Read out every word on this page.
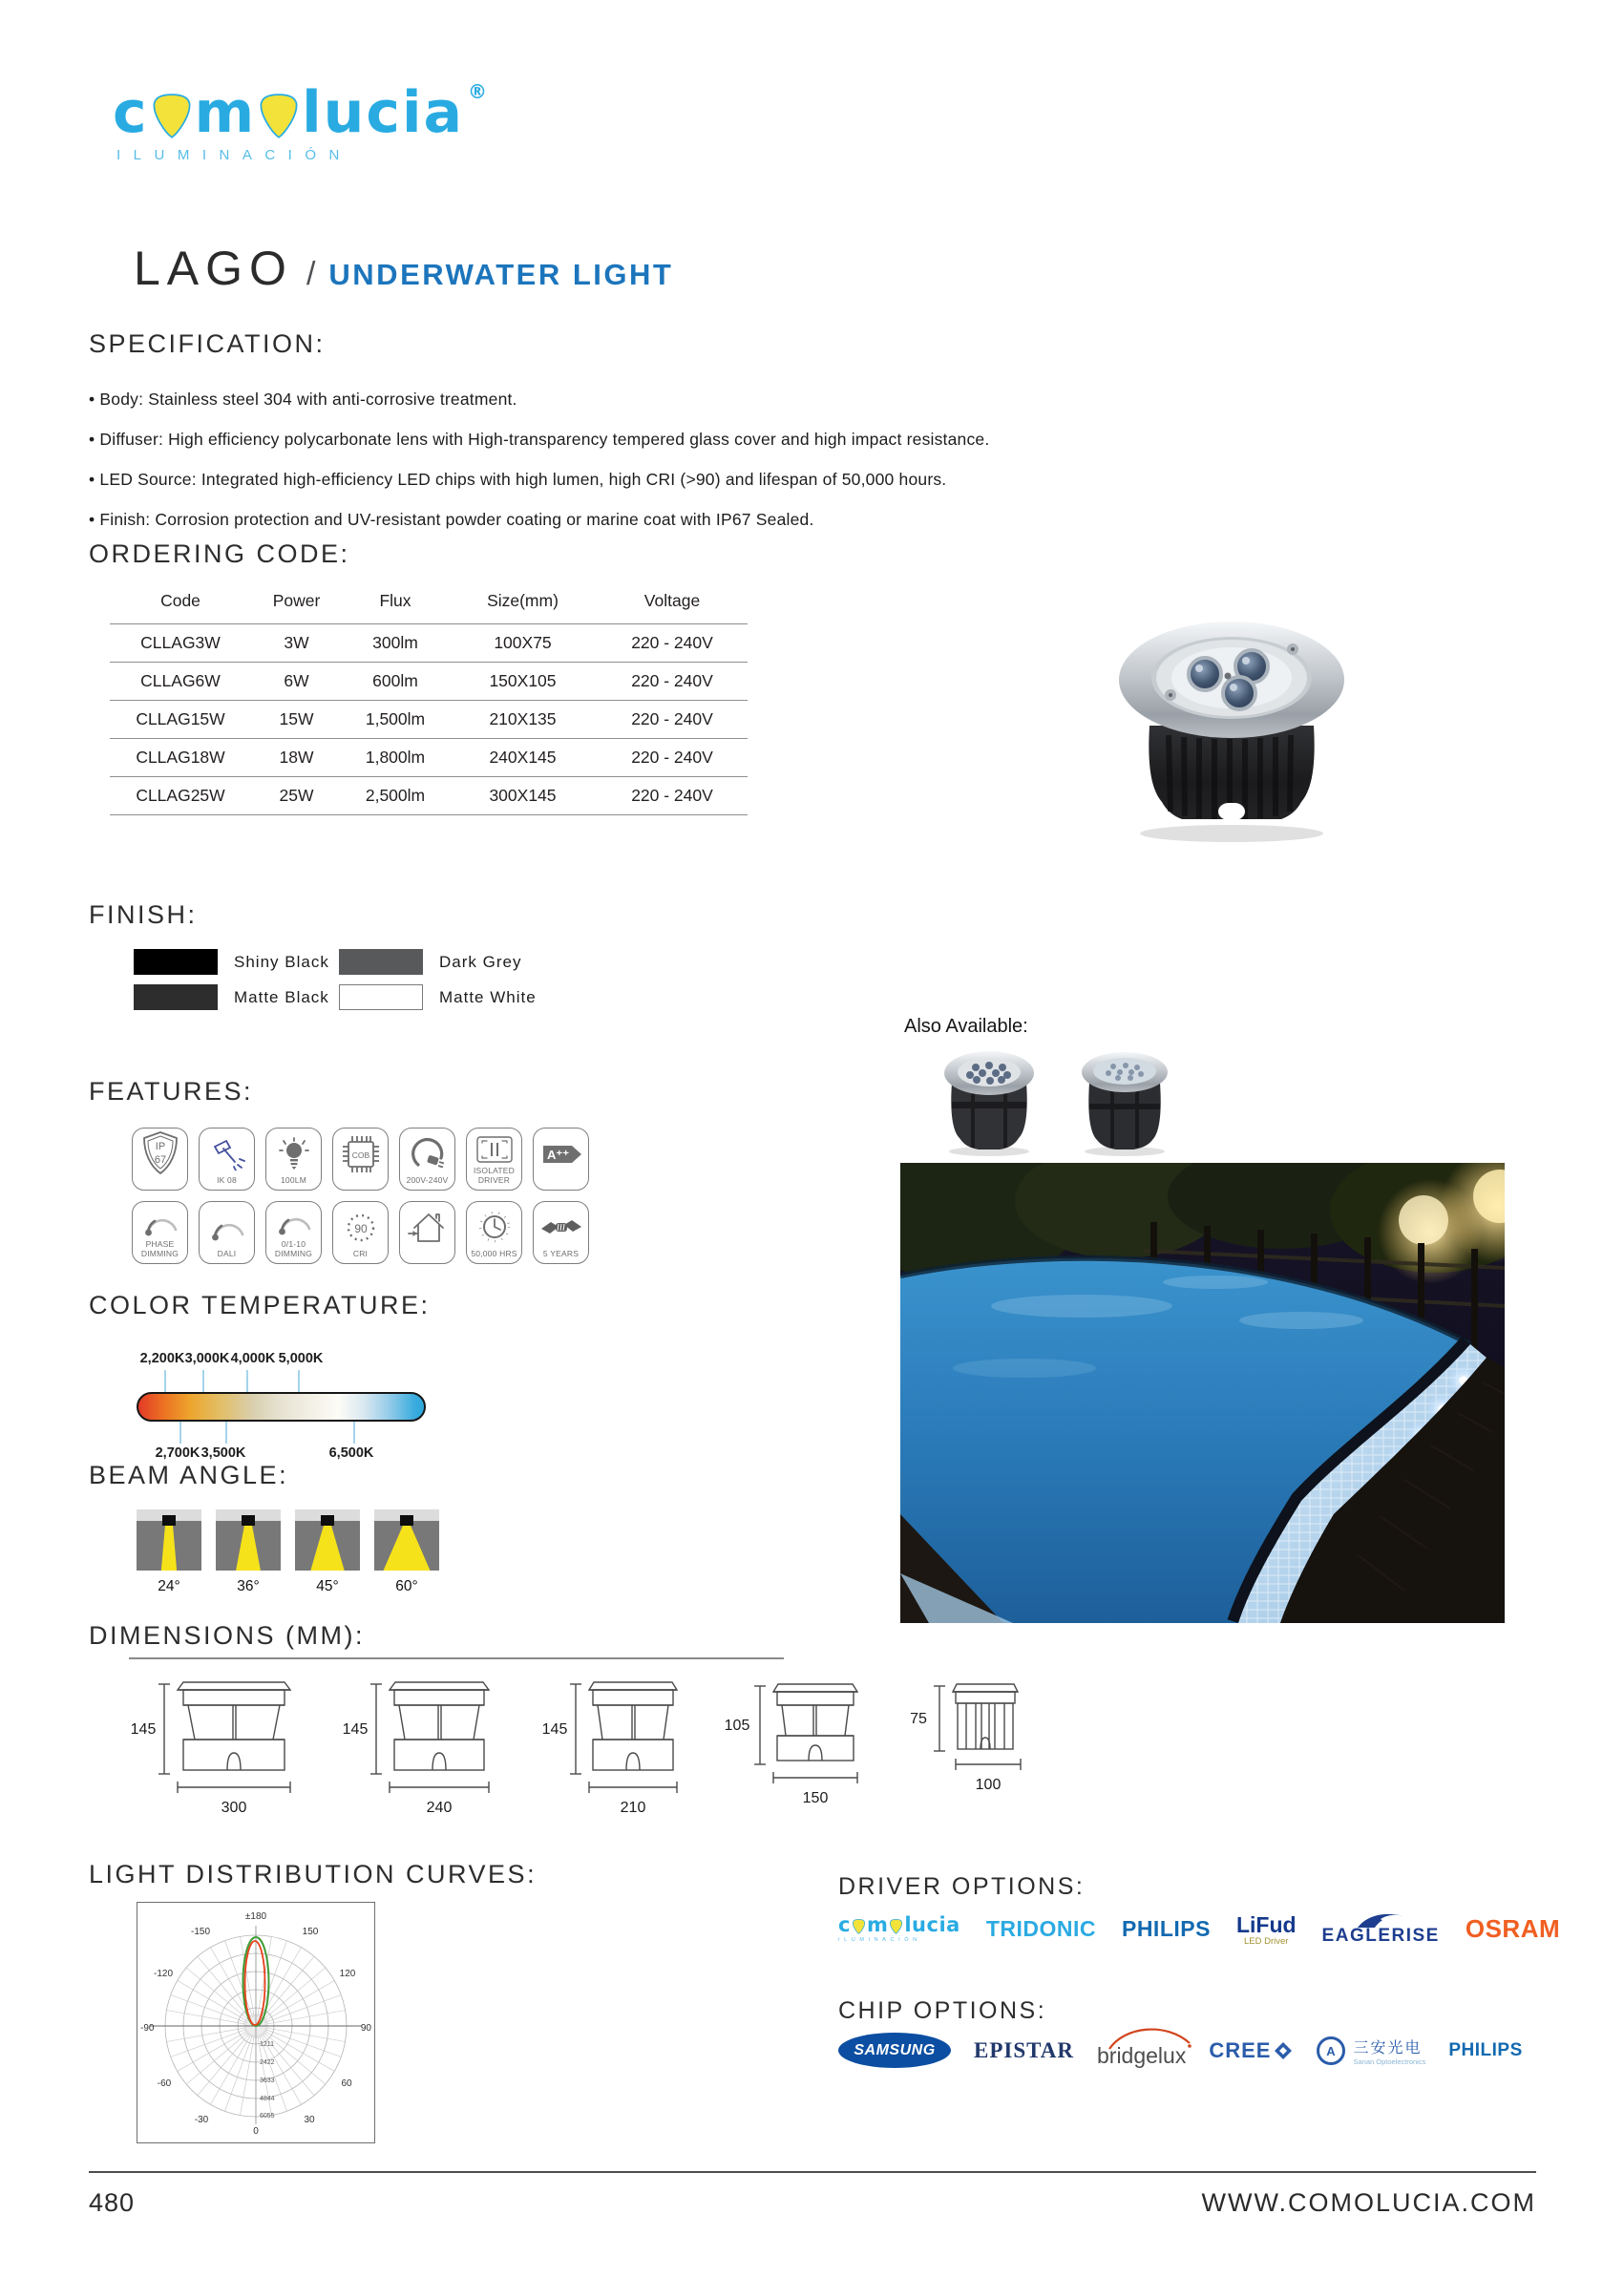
c m lucia ®
ILUMINACIÓN
LAGO / UNDERWATER LIGHT
SPECIFICATION:
• Body: Stainless steel 304 with anti-corrosive treatment.
• Diffuser: High efficiency polycarbonate lens with High-transparency tempered glass cover and high impact resistance.
• LED Source: Integrated high-efficiency LED chips with high lumen, high CRI (>90) and lifespan of 50,000 hours.
• Finish: Corrosion protection and UV-resistant powder coating or marine coat with IP67 Sealed.
ORDERING CODE:
Code	Power	Flux	Size(mm)	Voltage
CLLAG3W	3W	300lm	100X75	220 - 240V
CLLAG6W	6W	600lm	150X105	220 - 240V
CLLAG15W	15W	1,500lm	210X135	220 - 240V
CLLAG18W	18W	1,800lm	240X145	220 - 240V
CLLAG25W	25W	2,500lm	300X145	220 - 240V
FINISH:
Shiny Black	Dark Grey
Matte Black	Matte White
Also Available:
FEATURES:
IP
67
IK 08	100LM
COB
200V-240V
ISOLATED DRIVER
A⁺⁺
PHASE DIMMING	DALI
0/1-10 DIMMING
90
CRI	50,000 HRS	5 YEARS
COLOR TEMPERATURE:
2,200K 3,000K 4,000K 5,000K
2,700K 3,500K	6,500K
BEAM ANGLE:
24°	36°	45°	60°
DIMENSIONS (MM):
145
300
145
240
145
210
105
150
75
100
LIGHT DISTRIBUTION CURVES:
±180
-150	150
-120	120
-90	90
-60	60
-30	30
0
1211
2422
3633
4844
6055
DRIVER OPTIONS:
c m lucia
ILUMINACIÓN	TRIDONIC PHILIPS LiFud
LED Driver	EAGLERISE OSRAM
CHIP OPTIONS:
SAMSUNG EPISTAR bridgelux CREE	A 三安光电
Sanan Optoelectronics
PHILIPS
480	WWW.COMOLUCIA.COM
